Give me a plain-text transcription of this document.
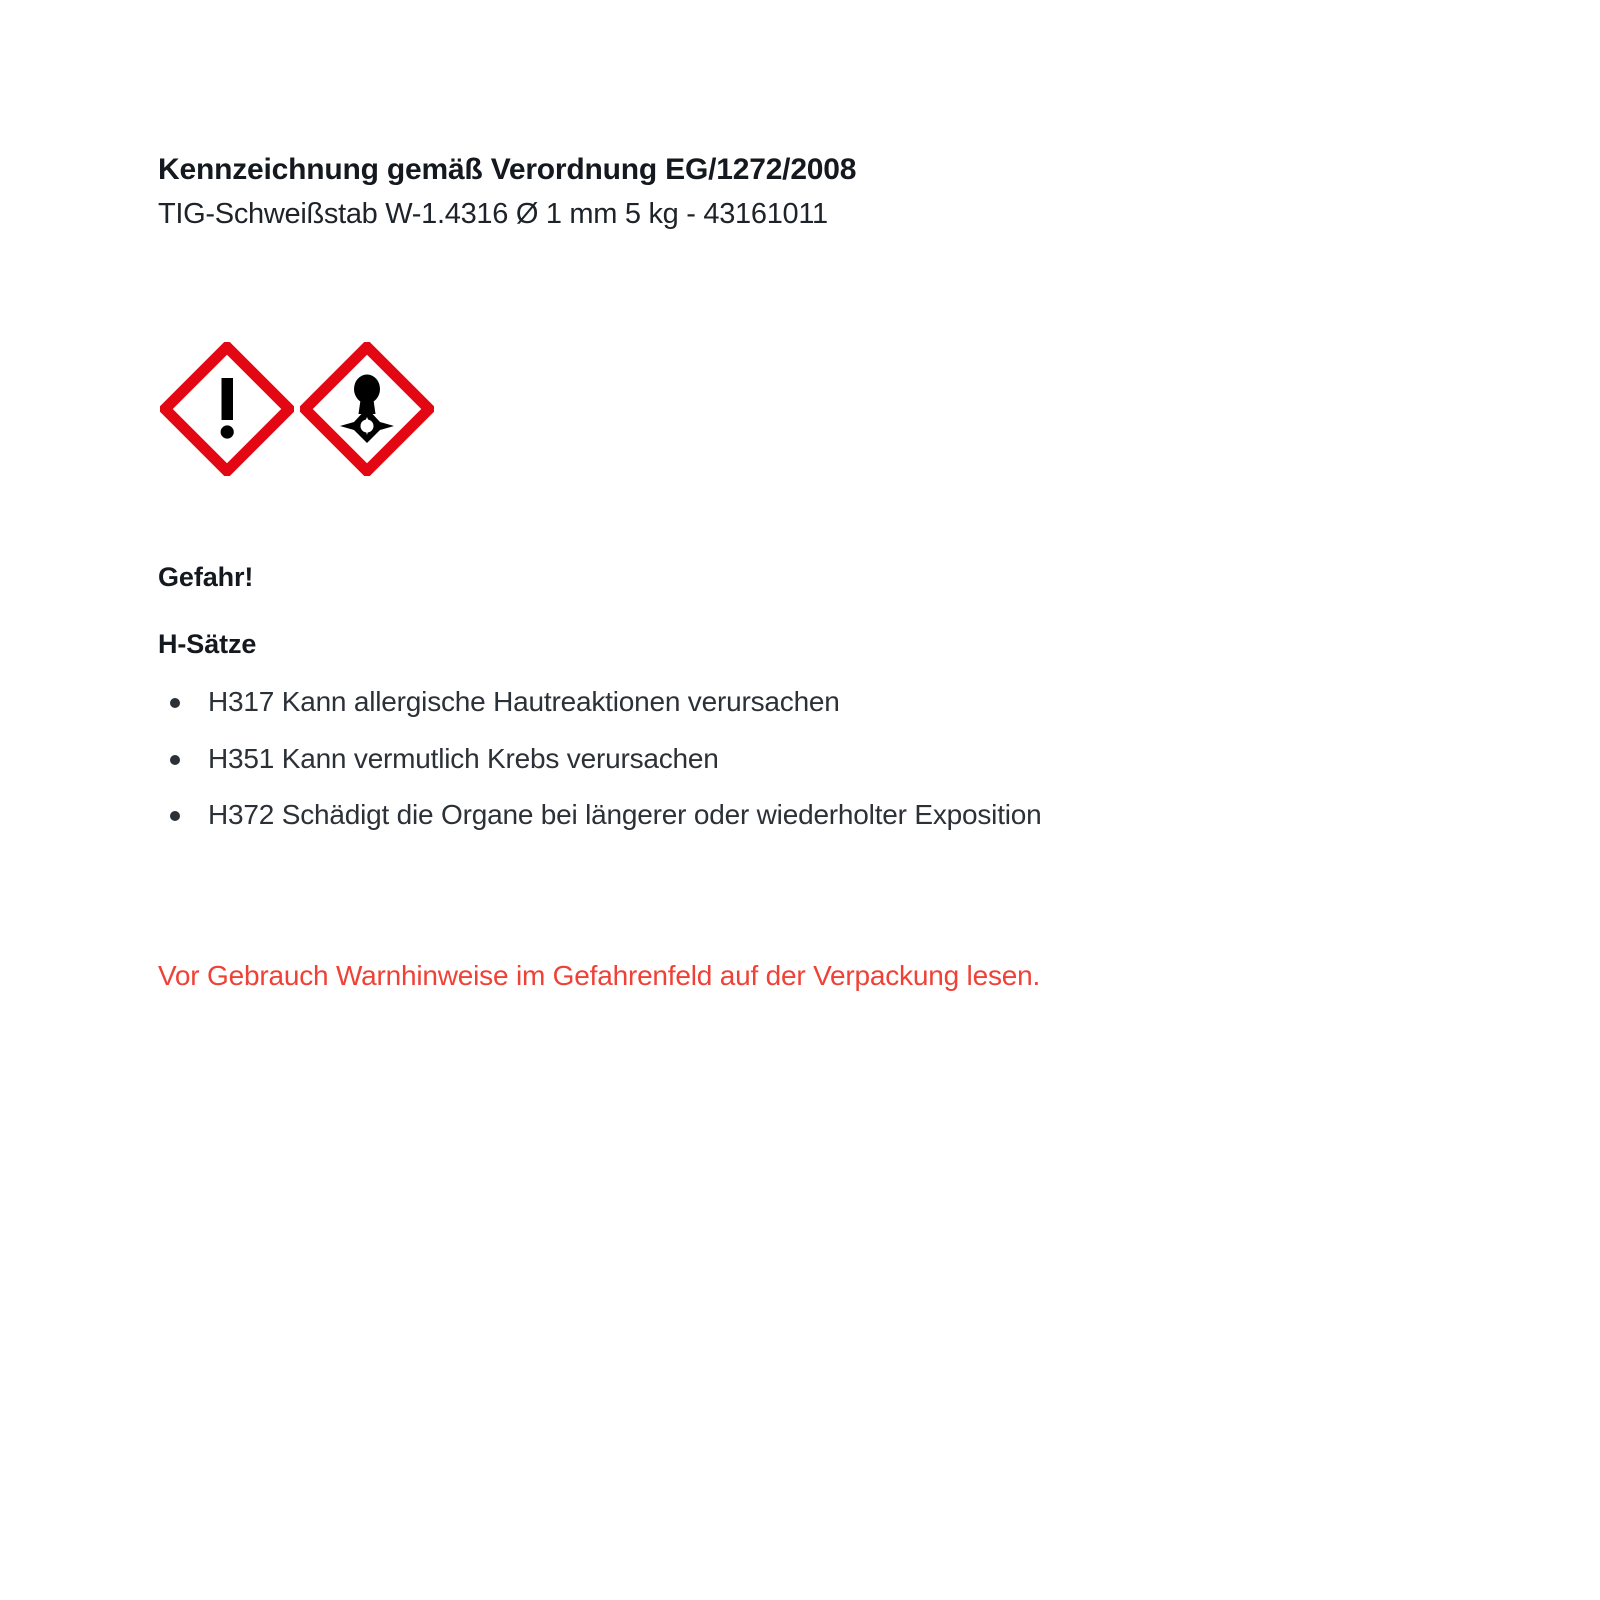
Kennzeichnung gemäß Verordnung EG/1272/2008

TIG-Schweißstab W-1.4316 Ø 1 mm 5 kg - 43161011

Gefahr!
H-Sätze
H317 Kann allergische Hautreaktionen verursachen
H351 Kann vermutlich Krebs verursachen
H372 Schädigt die Organe bei längerer oder wiederholter Exposition

Vor Gebrauch Warnhinweise im Gefahrenfeld auf der Verpackung lesen.
